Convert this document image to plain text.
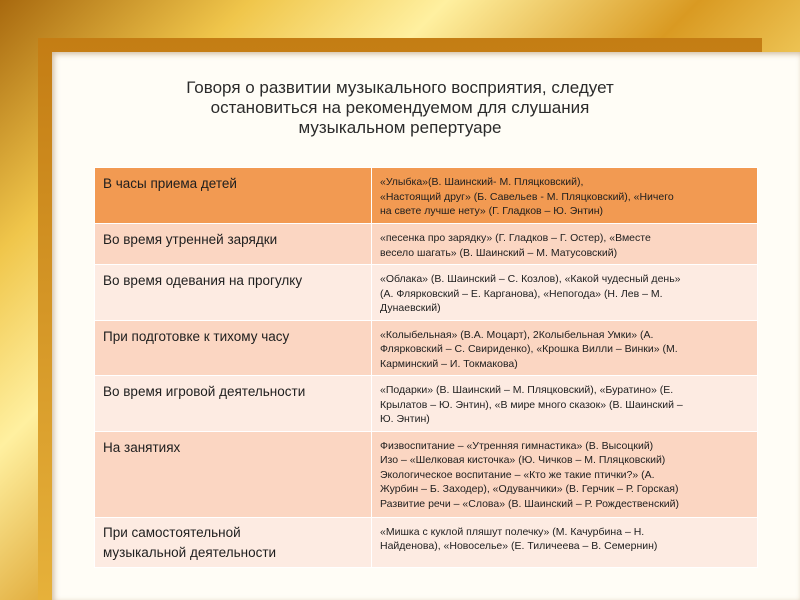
Говоря о развитии музыкального восприятия, следует
остановиться на рекомендуемом для слушания
музыкальном репертуаре
В часы приема детей	«Улыбка»(В. Шаинский- М. Пляцковский),
«Настоящий друг» (Б. Савельев - М. Пляцковский), «Ничего
на свете лучше нету» (Г. Гладков – Ю. Энтин)
Во время утренней зарядки	«песенка про зарядку» (Г. Гладков – Г. Остер), «Вместе
весело шагать» (В. Шаинский – М. Матусовский)
Во время одевания на прогулку	«Облака» (В. Шаинский – С. Козлов), «Какой чудесный день»
(А. Флярковский – Е. Карганова), «Непогода» (Н. Лев – М.
Дунаевский)
При подготовке к тихому часу	«Колыбельная» (В.А. Моцарт), 2Колыбельная Умки» (А.
Флярковский – С. Свириденко), «Крошка Вилли – Винки» (М.
Карминский – И. Токмакова)
Во время игровой деятельности	«Подарки» (В. Шаинский – М. Пляцковский), «Буратино» (Е.
Крылатов – Ю. Энтин), «В мире много сказок» (В. Шаинский –
Ю. Энтин)
На занятиях	Физвоспитание – «Утренняя гимнастика» (В. Высоцкий)
Изо – «Шелковая кисточка» (Ю. Чичков – М. Пляцковский)
Экологическое воспитание – «Кто же такие птички?» (А.
Журбин – Б. Заходер), «Одуванчики» (В. Герчик – Р. Горская)
Развитие речи – «Слова» (В. Шаинский – Р. Рождественский)
При самостоятельной
музыкальной деятельности	«Мишка с куклой пляшут полечку» (М. Качурбина – Н.
Найденова), «Новоселье» (Е. Тиличеева – В. Семернин)
